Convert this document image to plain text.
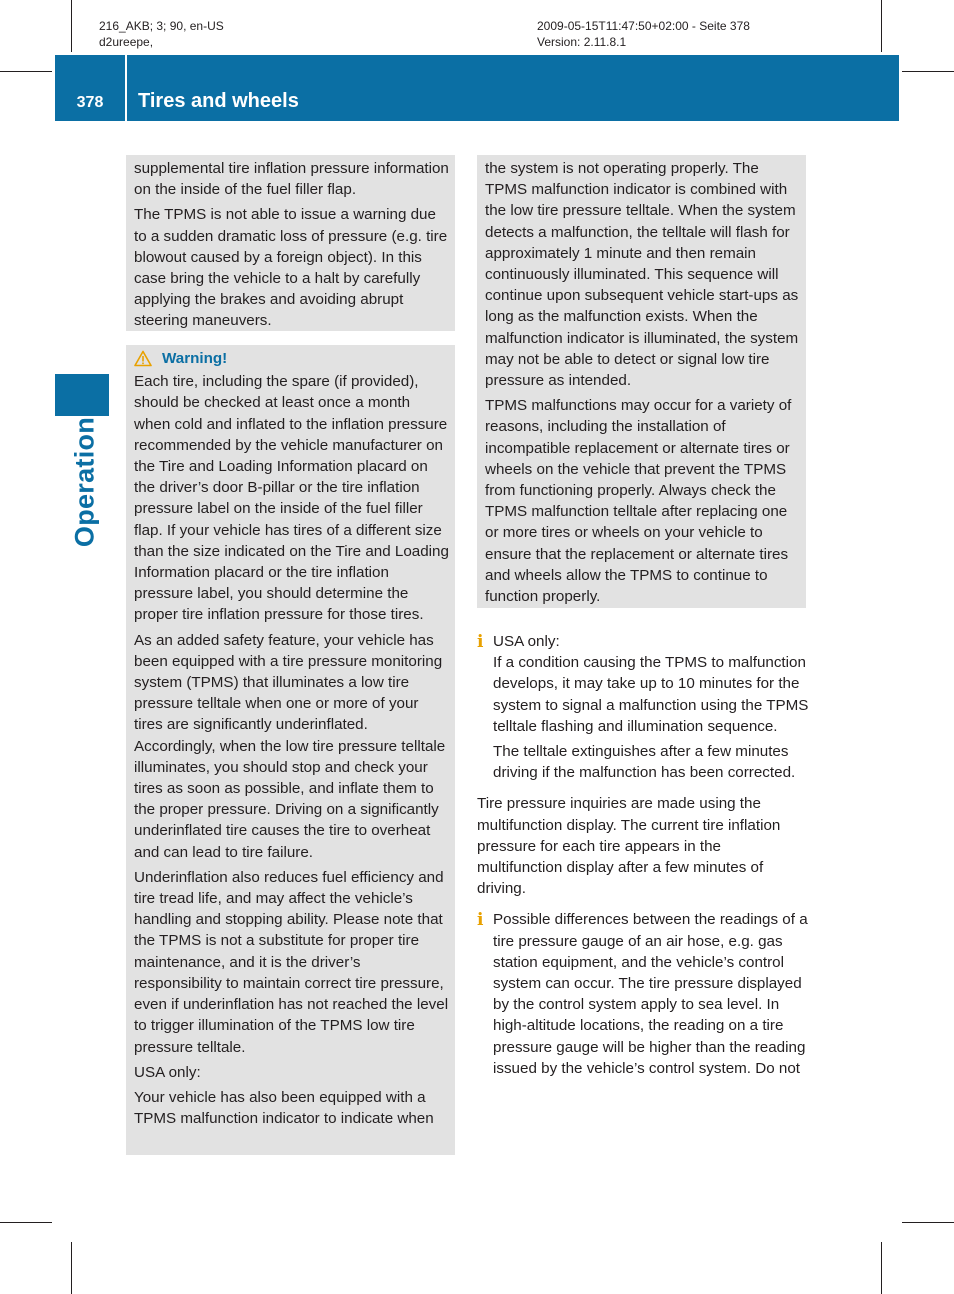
216_AKB; 3; 90, en-US
d2ureepe,
2009-05-15T11:47:50+02:00 - Seite 378
Version: 2.11.8.1
378	Tires and wheels
Operation

supplemental tire inflation pressure information on the inside of the fuel filler flap.

The TPMS is not able to issue a warning due to a sudden dramatic loss of pressure (e.g. tire blowout caused by a foreign object). In this case bring the vehicle to a halt by carefully applying the brakes and avoiding abrupt steering maneuvers.

Warning!

Each tire, including the spare (if provided), should be checked at least once a month when cold and inflated to the inflation pressure recommended by the vehicle manufacturer on the Tire and Loading Information placard on the driver’s door B-pillar or the tire inflation pressure label on the inside of the fuel filler flap. If your vehicle has tires of a different size than the size indicated on the Tire and Loading Information placard or the tire inflation pressure label, you should determine the proper tire inflation pressure for those tires.

As an added safety feature, your vehicle has been equipped with a tire pressure monitoring system (TPMS) that illuminates a low tire pressure telltale when one or more of your tires are significantly underinflated. Accordingly, when the low tire pressure telltale illuminates, you should stop and check your tires as soon as possible, and inflate them to the proper pressure. Driving on a significantly underinflated tire causes the tire to overheat and can lead to tire failure.

Underinflation also reduces fuel efficiency and tire tread life, and may affect the vehicle’s handling and stopping ability. Please note that the TPMS is not a substitute for proper tire maintenance, and it is the driver’s responsibility to maintain correct tire pressure, even if underinflation has not reached the level to trigger illumination of the TPMS low tire pressure telltale.

USA only:

Your vehicle has also been equipped with a TPMS malfunction indicator to indicate when

the system is not operating properly. The TPMS malfunction indicator is combined with the low tire pressure telltale. When the system detects a malfunction, the telltale will flash for approximately 1 minute and then remain continuously illuminated. This sequence will continue upon subsequent vehicle start-ups as long as the malfunction exists. When the malfunction indicator is illuminated, the system may not be able to detect or signal low tire pressure as intended.

TPMS malfunctions may occur for a variety of reasons, including the installation of incompatible replacement or alternate tires or wheels on the vehicle that prevent the TPMS from functioning properly. Always check the TPMS malfunction telltale after replacing one or more tires or wheels on your vehicle to ensure that the replacement or alternate tires and wheels allow the TPMS to continue to function properly.

i USA only:
If a condition causing the TPMS to malfunction develops, it may take up to 10 minutes for the system to signal a malfunction using the TPMS telltale flashing and illumination sequence.

The telltale extinguishes after a few minutes driving if the malfunction has been corrected.

Tire pressure inquiries are made using the multifunction display. The current tire inflation pressure for each tire appears in the multifunction display after a few minutes of driving.

i Possible differences between the readings of a tire pressure gauge of an air hose, e.g. gas station equipment, and the vehicle’s control system can occur. The tire pressure displayed by the control system apply to sea level. In high-altitude locations, the reading on a tire pressure gauge will be higher than the reading issued by the vehicle’s control system. Do not
